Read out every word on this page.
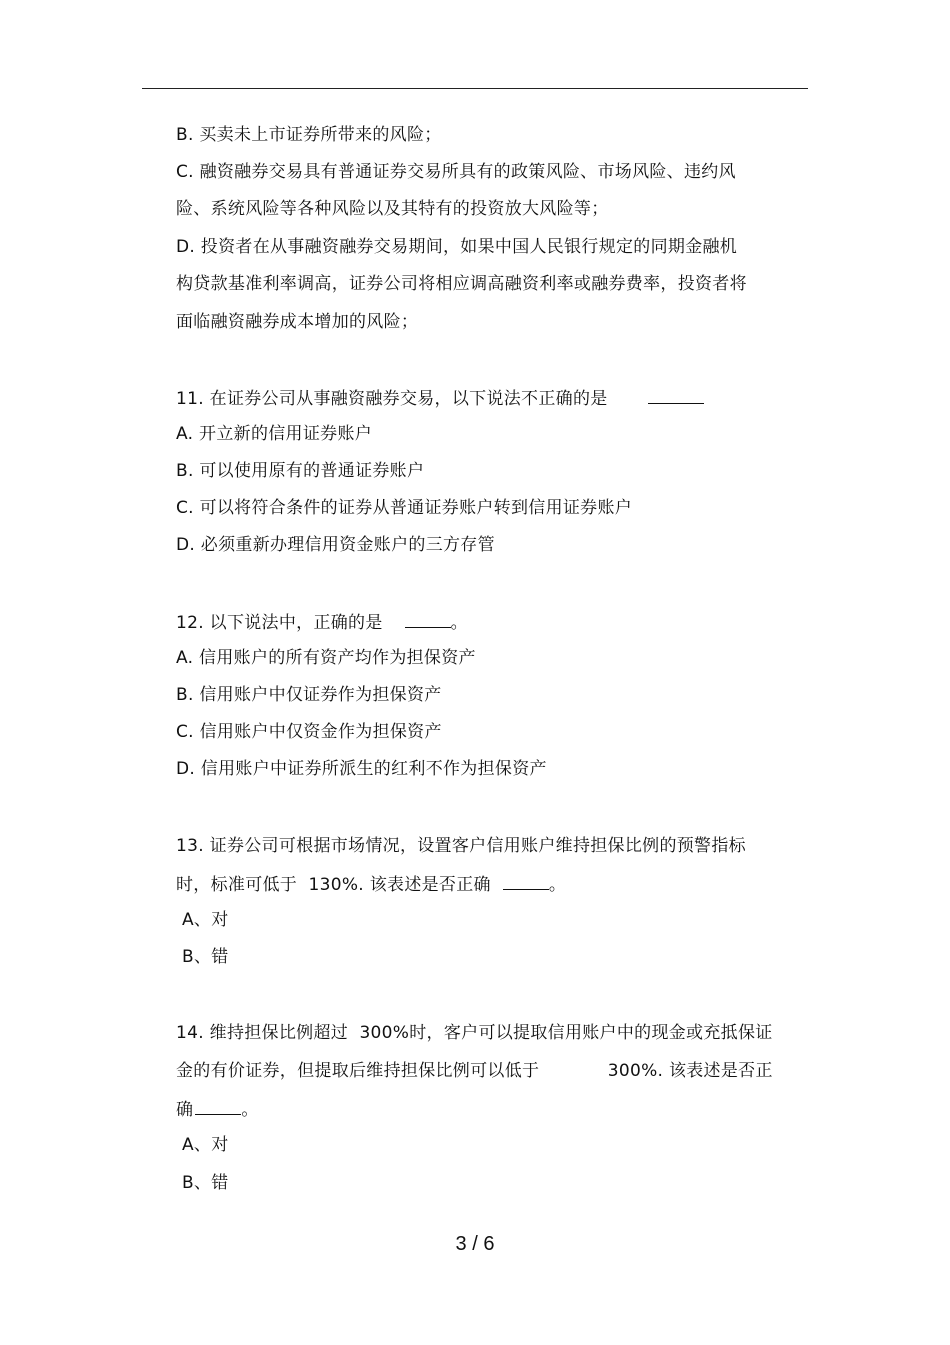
B. 买卖未上市证券所带来的风险；
C. 融资融券交易具有普通证券交易所具有的政策风险、市场风险、违约风
险、系统风险等各种风险以及其特有的投资放大风险等；
D. 投资者在从事融资融券交易期间，如果中国人民银行规定的同期金融机
构贷款基准利率调高，证券公司将相应调高融资利率或融券费率，投资者将
面临融资融券成本增加的风险；
11. 在证券公司从事融资融券交易，以下说法不正确的是
A. 开立新的信用证券账户
B. 可以使用原有的普通证券账户
C. 可以将符合条件的证券从普通证券账户转到信用证券账户
D. 必须重新办理信用资金账户的三方存管
12. 以下说法中，正确的是	。
A. 信用账户的所有资产均作为担保资产
B. 信用账户中仅证券作为担保资产
C. 信用账户中仅资金作为担保资产
D. 信用账户中证券所派生的红利不作为担保资产
13. 证券公司可根据市场情况，设置客户信用账户维持担保比例的预警指标
时，标准可低于  130%. 该表述是否正确	。
A、对
B、错
14. 维持担保比例超过  300%时，客户可以提取信用账户中的现金或充抵保证
金的有价证券，但提取后维持担保比例可以低于            300%. 该表述是否正
确	。
A、对
B、错
3 / 6
